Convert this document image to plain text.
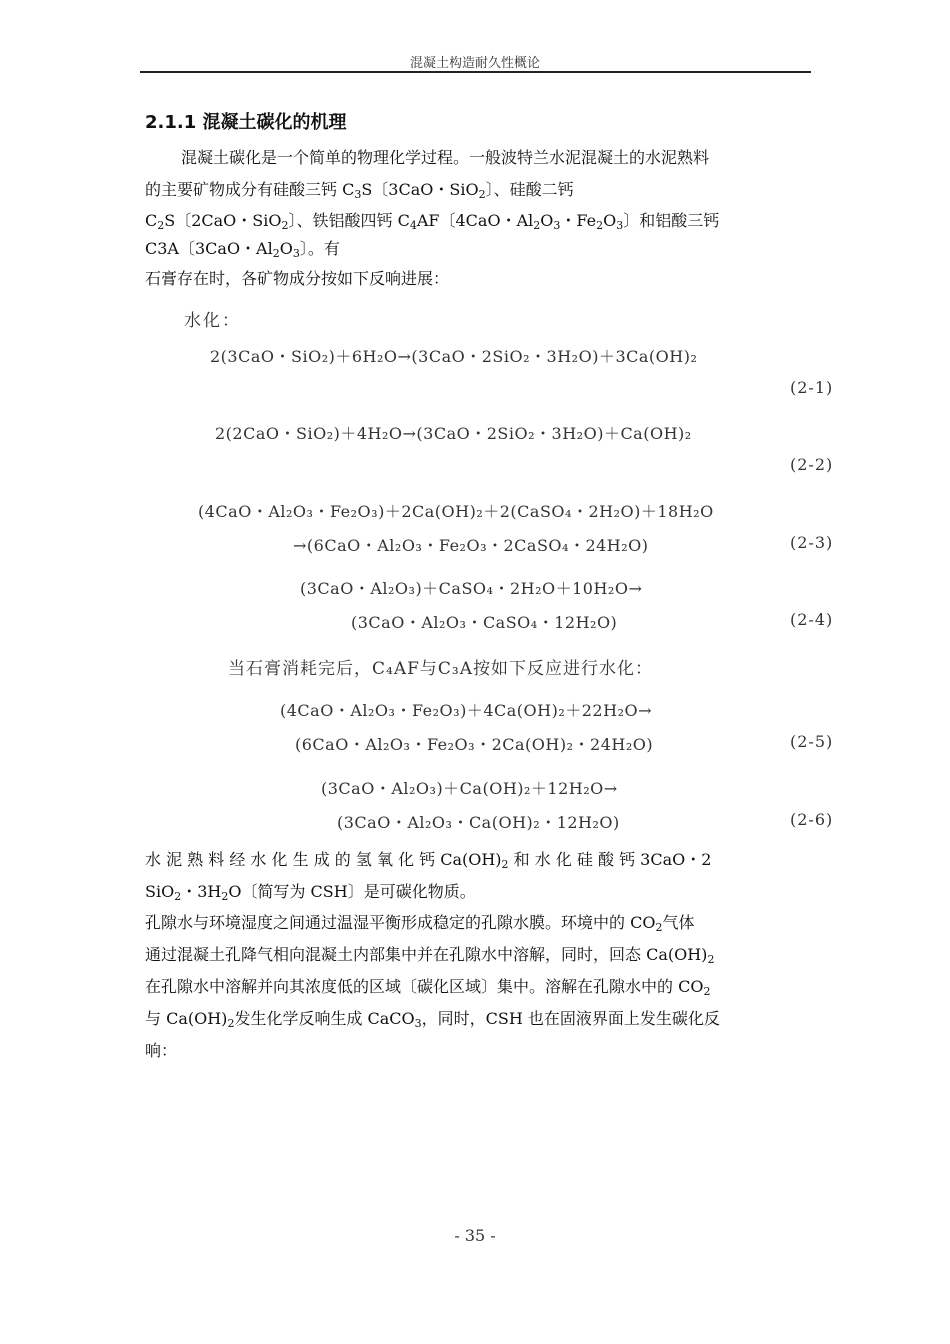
混凝土构造耐久性概论
2.1.1 混凝土碳化的机理
混凝土碳化是一个简单的物理化学过程。一般波特兰水泥混凝土的水泥熟料
的主要矿物成分有硅酸三钙 $C_3S$〔3CaO・SiO$_2$〕、硅酸二钙
$C_2S$〔2CaO・SiO$_2$〕、铁铝酸四钙 $C_4AF$〔4CaO・$Al_2O_3$・$Fe_2O_3$〕和铝酸三钙
C3A〔3CaO・$Al_2O_3$〕。有
石膏存在时，各矿物成分按如下反响进展：
水化：
2(3CaO・SiO₂)＋6H₂O→(3CaO・2SiO₂・3H₂O)＋3Ca(OH)₂
(2-1)
2(2CaO・SiO₂)＋4H₂O→(3CaO・2SiO₂・3H₂O)＋Ca(OH)₂
(2-2)
(4CaO・Al₂O₃・Fe₂O₃)＋2Ca(OH)₂＋2(CaSO₄・2H₂O)＋18H₂O
→(6CaO・Al₂O₃・Fe₂O₃・2CaSO₄・24H₂O)	(2-3)
(3CaO・Al₂O₃)＋CaSO₄・2H₂O＋10H₂O→
(3CaO・Al₂O₃・CaSO₄・12H₂O)	(2-4)
当石膏消耗完后，C₄AF与C₃A按如下反应进行水化：
(4CaO・Al₂O₃・Fe₂O₃)＋4Ca(OH)₂＋22H₂O→
(6CaO・Al₂O₃・Fe₂O₃・2Ca(OH)₂・24H₂O)	(2-5)
(3CaO・Al₂O₃)＋Ca(OH)₂＋12H₂O→
(3CaO・Al₂O₃・Ca(OH)₂・12H₂O)	(2-6)
水 泥 熟 料 经 水 化 生 成 的 氢 氧 化 钙 $Ca(OH)_2$ 和 水 化 硅 酸 钙 3CaO・2
SiO$_2$・$3H_2O$〔简写为 CSH〕是可碳化物质。
孔隙水与环境湿度之间通过温湿平衡形成稳定的孔隙水膜。环境中的 $CO_2$气体
通过混凝土孔降气相向混凝土内部集中并在孔隙水中溶解，同时，回态 $Ca(OH)_2$
在孔隙水中溶解并向其浓度低的区域〔碳化区域〕集中。溶解在孔隙水中的 $CO_2$
与 $Ca(OH)_2$发生化学反响生成 CaCO$_3$，同时，CSH 也在固液界面上发生碳化反
响：
- 35 -
